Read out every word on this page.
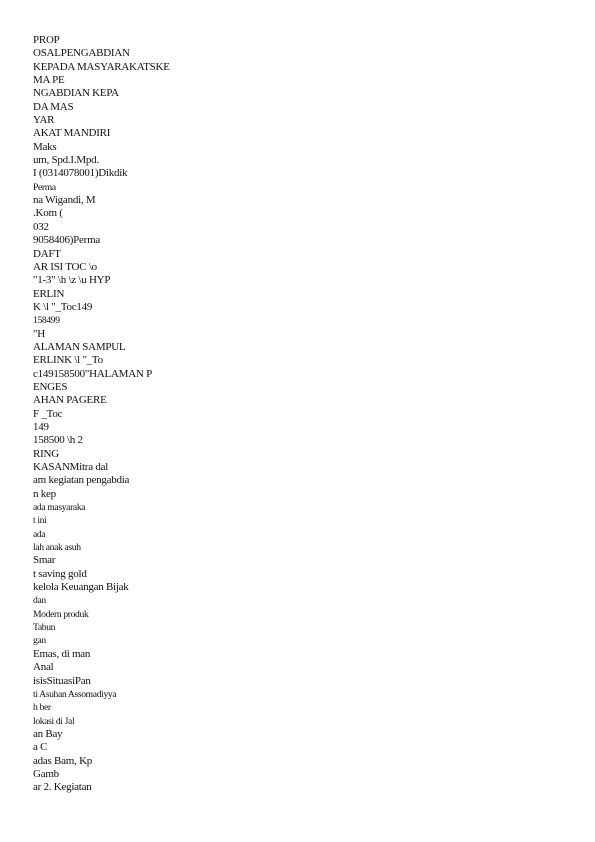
PROP
OSALPENGABDIAN
KEPADA MASYARAKATSKE
MA PE
NGABDIAN KEPA
DA MAS
YAR
AKAT MANDIRI
Maks
um, Spd.I.Mpd.
I (0314078001)Dikdik
Perma
na Wigandi, M
.Kom (
032
9058406)Perma
DAFT
AR ISI TOC \o
"1-3" \h \z \u HYP
ERLIN
K \l "_Toc149
158499
"H
ALAMAN SAMPUL
ERLINK \l "_To
c149158500"HALAMAN P
ENGES
AHAN PAGERE
F _Toc
149
158500 \h 2
RING
KASANMitra dal
am kegiatan pengabdia
n kep
ada masyaraka
t ini
ada
lah anak asuh
Smar
t saving gold
kelola Keuangan Bijak
dan
Modern produk
Tabun
gan
Emas, di man
Anal
isisSituasiPan
ti Asuhan Assomadiyya
h ber
lokasi di Jal
an Bay
a C
adas Bam, Kp
Gamb
ar 2. Kegiatan
